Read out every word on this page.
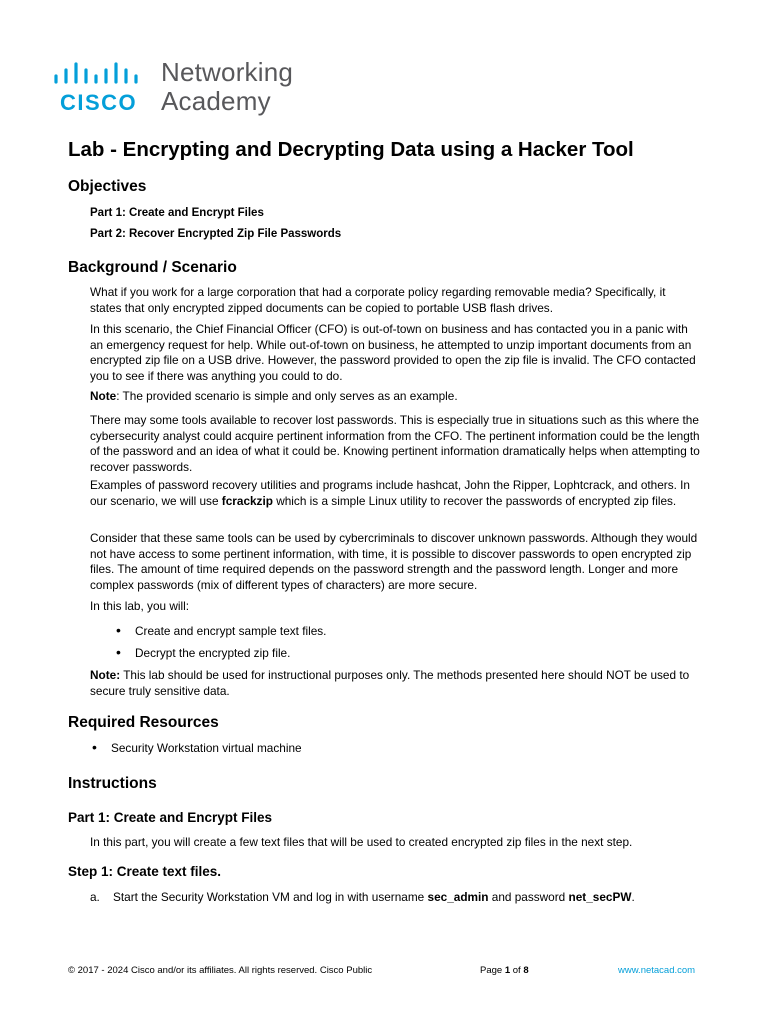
CISCO
Networking
Academy
Lab - Encrypting and Decrypting Data using a Hacker Tool
Objectives
Part 1: Create and Encrypt Files
Part 2: Recover Encrypted Zip File Passwords
Background / Scenario

What if you work for a large corporation that had a corporate policy regarding removable media? Specifically, it states that only encrypted zipped documents can be copied to portable USB flash drives.

In this scenario, the Chief Financial Officer (CFO) is out-of-town on business and has contacted you in a panic with an emergency request for help. While out-of-town on business, he attempted to unzip important documents from an encrypted zip file on a USB drive. However, the password provided to open the zip file is invalid. The CFO contacted you to see if there was anything you could to do.

Note: The provided scenario is simple and only serves as an example.

There may some tools available to recover lost passwords. This is especially true in situations such as this where the cybersecurity analyst could acquire pertinent information from the CFO. The pertinent information could be the length of the password and an idea of what it could be. Knowing pertinent information dramatically helps when attempting to recover passwords.

Examples of password recovery utilities and programs include hashcat, John the Ripper, Lophtcrack, and others. In our scenario, we will use fcrackzip which is a simple Linux utility to recover the passwords of encrypted zip files.

Consider that these same tools can be used by cybercriminals to discover unknown passwords. Although they would not have access to some pertinent information, with time, it is possible to discover passwords to open encrypted zip files. The amount of time required depends on the password strength and the password length. Longer and more complex passwords (mix of different types of characters) are more secure.

In this lab, you will:

• Create and encrypt sample text files.
• Decrypt the encrypted zip file.

Note: This lab should be used for instructional purposes only. The methods presented here should NOT be used to secure truly sensitive data.

Required Resources
• Security Workstation virtual machine
Instructions
Part 1: Create and Encrypt Files

In this part, you will create a few text files that will be used to created encrypted zip files in the next step.

Step 1: Create text files.
a. Start the Security Workstation VM and log in with username sec_admin and password net_secPW.
© 2017 - 2024 Cisco and/or its affiliates. All rights reserved. Cisco Public	Page 1 of 8	www.netacad.com
